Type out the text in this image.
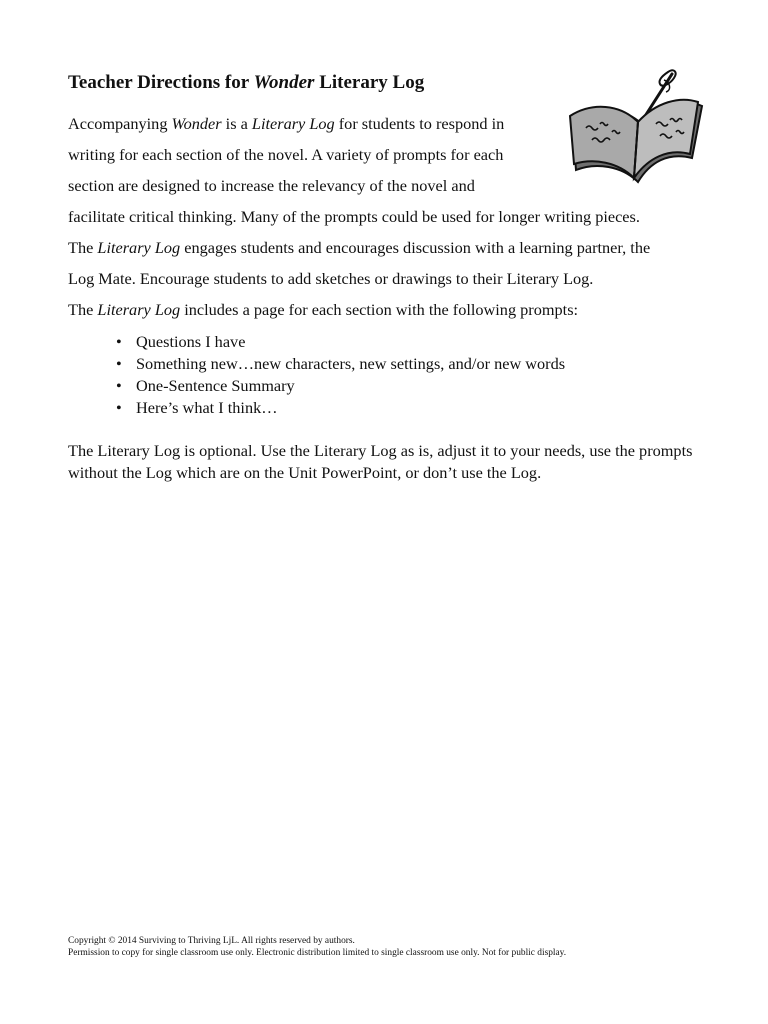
Teacher Directions for Wonder Literary Log

Accompanying Wonder is a Literary Log for students to respond in

writing for each section of the novel. A variety of prompts for each

section are designed to increase the relevancy of the novel and

facilitate critical thinking. Many of the prompts could be used for longer writing pieces.

The Literary Log engages students and encourages discussion with a learning partner, the

Log Mate. Encourage students to add sketches or drawings to their Literary Log.

The Literary Log includes a page for each section with the following prompts:

• Questions I have
• Something new…new characters, new settings, and/or new words
• One-Sentence Summary
• Here’s what I think…

The Literary Log is optional. Use the Literary Log as is, adjust it to your needs, use the prompts without the Log which are on the Unit PowerPoint, or don’t use the Log.

Copyright © 2014 Surviving to Thriving LjL. All rights reserved by authors.
Permission to copy for single classroom use only. Electronic distribution limited to single classroom use only. Not for public display.
